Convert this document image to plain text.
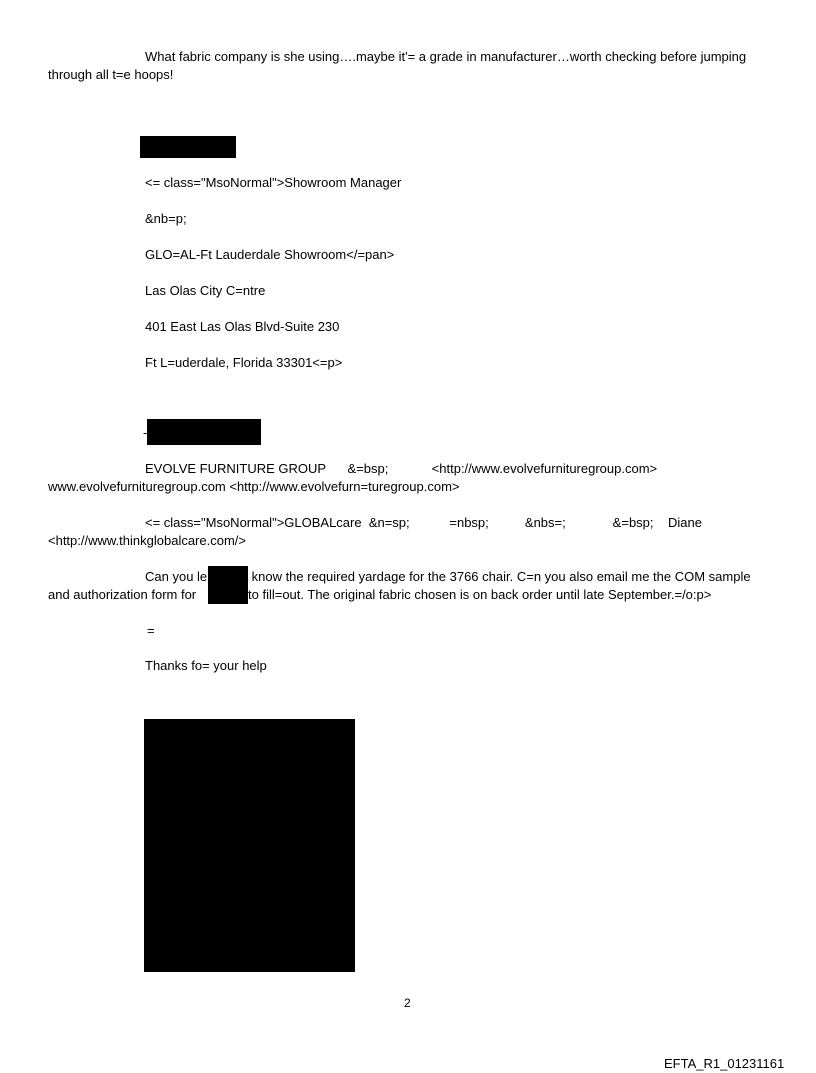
What fabric company is she using….maybe it'= a grade in manufacturer…worth checking before jumping
through all t=e hoops!
<= class="MsoNormal">Showroom Manager
&nb=p;
GLO=AL-Ft Lauderdale Showroom</=pan>
Las Olas City C=ntre
401 East Las Olas Blvd-Suite 230
Ft L=uderdale, Florida 33301<=p>
-
EVOLVE FURNITURE GROUP      &=bsp;            <http://www.evolvefurnituregroup.com>
www.evolvefurnituregroup.com <http://www.evolvefurn=turegroup.com>
<= class="MsoNormal">GLOBALcare  &n=sp;           =nbsp;          &nbs=;             &=bsp;    Diane
<http://www.thinkglobalcare.com/>
Can you le	know the required yardage for the 3766 chair. C=n you also email me the COM sample
and authorization form for	to fill=out. The original fabric chosen is on back order until late September.=/o:p>
=
Thanks fo= your help
2
EFTA_R1_01231161
